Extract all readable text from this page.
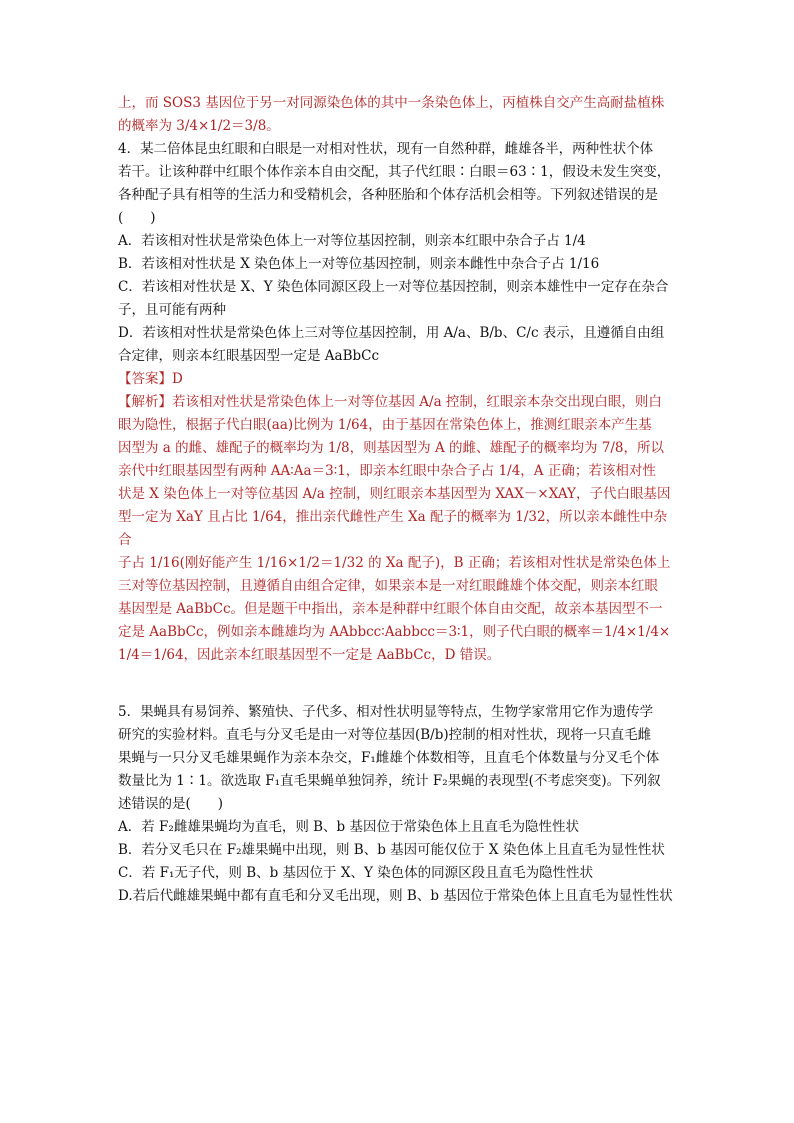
上，而 SOS3 基因位于另一对同源染色体的其中一条染色体上，丙植株自交产生高耐盐植株

的概率为 3/4×1/2＝3/8。

4．某二倍体昆虫红眼和白眼是一对相对性状，现有一自然种群，雌雄各半，两种性状个体

若干。让该种群中红眼个体作亲本自由交配，其子代红眼∶白眼＝63∶1，假设未发生突变，

各种配子具有相等的生活力和受精机会，各种胚胎和个体存活机会相等。下列叙述错误的是

(　　)

A．若该相对性状是常染色体上一对等位基因控制，则亲本红眼中杂合子占 1/4

B．若该相对性状是 X 染色体上一对等位基因控制，则亲本雌性中杂合子占 1/16

C．若该相对性状是 X、Y 染色体同源区段上一对等位基因控制，则亲本雄性中一定存在杂合

子，且可能有两种

D．若该相对性状是常染色体上三对等位基因控制，用 A/a、B/b、C/c 表示，且遵循自由组

合定律，则亲本红眼基因型一定是 AaBbCc

【答案】D

【解析】若该相对性状是常染色体上一对等位基因 A/a 控制，红眼亲本杂交出现白眼，则白

眼为隐性，根据子代白眼(aa)比例为 1/64，由于基因在常染色体上，推测红眼亲本产生基

因型为 a 的雌、雄配子的概率均为 1/8，则基因型为 A 的雌、雄配子的概率均为 7/8，所以

亲代中红眼基因型有两种 AA∶Aa＝3∶1，即亲本红眼中杂合子占 1/4，A 正确；若该相对性

状是 X 染色体上一对等位基因 A/a 控制，则红眼亲本基因型为 XAX－×XAY，子代白眼基因

型一定为 XaY 且占比 1/64，推出亲代雌性产生 Xa 配子的概率为 1/32，所以亲本雌性中杂合

子占 1/16(刚好能产生 1/16×1/2＝1/32 的 Xa 配子)，B 正确；若该相对性状是常染色体上

三对等位基因控制，且遵循自由组合定律，如果亲本是一对红眼雌雄个体交配，则亲本红眼

基因型是 AaBbCc。但是题干中指出，亲本是种群中红眼个体自由交配，故亲本基因型不一

定是 AaBbCc，例如亲本雌雄均为 AAbbcc∶Aabbcc＝3∶1，则子代白眼的概率＝1/4×1/4×

1/4＝1/64，因此亲本红眼基因型不一定是 AaBbCc，D 错误。

5．果蝇具有易饲养、繁殖快、子代多、相对性状明显等特点，生物学家常用它作为遗传学

研究的实验材料。直毛与分叉毛是由一对等位基因(B/b)控制的相对性状，现将一只直毛雌

果蝇与一只分叉毛雄果蝇作为亲本杂交，F₁雌雄个体数相等，且直毛个体数量与分叉毛个体

数量比为 1∶1。欲选取 F₁直毛果蝇单独饲养，统计 F₂果蝇的表现型(不考虑突变)。下列叙

述错误的是(　　)

A．若 F₂雌雄果蝇均为直毛，则 B、b 基因位于常染色体上且直毛为隐性性状

B．若分叉毛只在 F₂雄果蝇中出现，则 B、b 基因可能仅位于 X 染色体上且直毛为显性性状

C．若 F₁无子代，则 B、b 基因位于 X、Y 染色体的同源区段且直毛为隐性性状

D.若后代雌雄果蝇中都有直毛和分叉毛出现，则 B、b 基因位于常染色体上且直毛为显性性状
